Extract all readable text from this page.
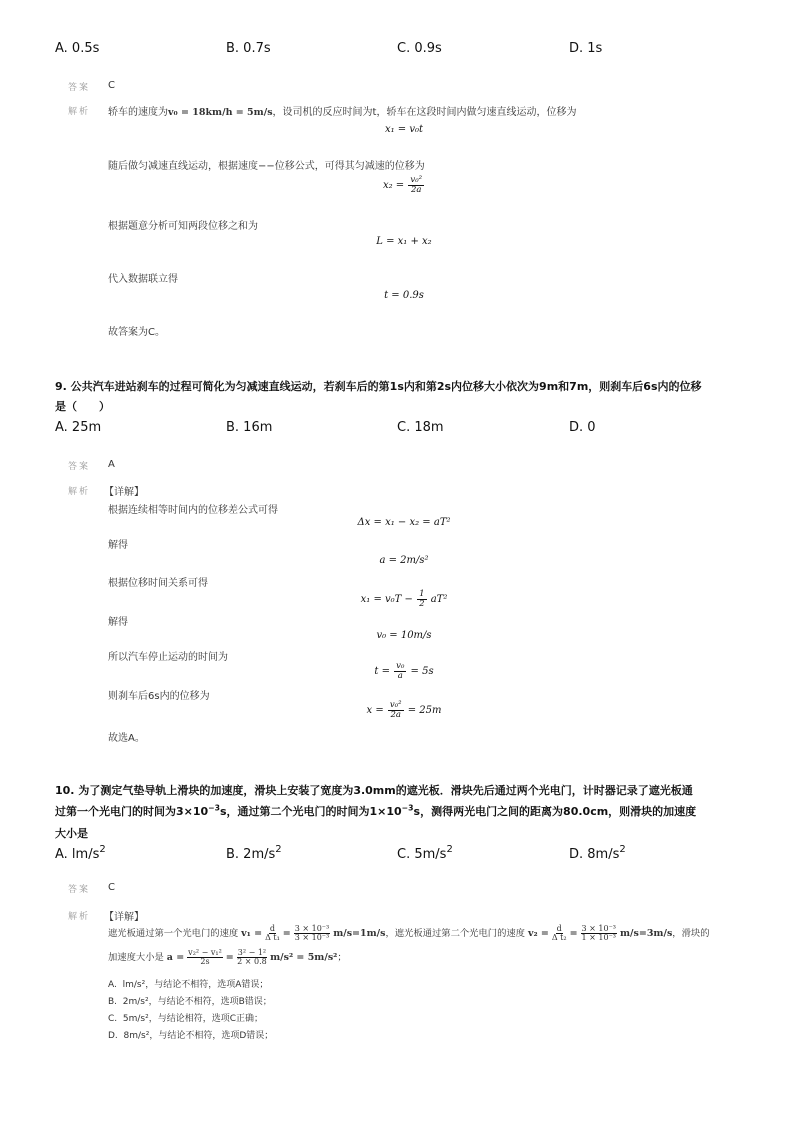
A. 0.5s	B. 0.7s	C. 0.9s	D. 1s
答案 C
解析 轿车的速度为v₀ = 18km/h = 5m/s，设司机的反应时间为t，轿车在这段时间内做匀速直线运动，位移为
x₁ = v₀t
随后做匀减速直线运动，根据速度−−位移公式，可得其匀减速的位移为
$x_2 = \frac{\text{v₀²}}{2a}$
根据题意分析可知两段位移之和为
L = x₁ + x₂
代入数据联立得
t = 0.9s
故答案为C。
9. 公共汽车进站刹车的过程可简化为匀减速直线运动，若刹车后的第1s内和第2s内位移大小依次为9m和7m，则刹车后6s内的位移
是（　　）
A. 25m	B. 16m	C. 18m	D. 0
答案 A
解析 【详解】
根据连续相等时间内的位移差公式可得
Δx = x₁ − x₂ = aT²
解得
a = 2m/s²
根据位移时间关系可得
$x_1 = v_0T - \frac{1}{2} aT^2$
解得
v₀ = 10m/s
所以汽车停止运动的时间为
$t = \frac{\text{v₀}}{a} = 5s$
则刹车后6s内的位移为
$x = \frac{\text{v₀²}}{2a} = 25m$
故选A。
10. 为了测定气垫导轨上滑块的加速度，滑块上安装了宽度为3.0mm的遮光板．滑块先后通过两个光电门，计时器记录了遮光板通
过第一个光电门的时间为$3\times 10^{-3}s$，通过第二个光电门的时间为$1\times 10^{-3}s$，测得两光电门之间的距离为80.0cm，则滑块的加速度
大小是
A. $lm/s^2$	B. $2m/s^2$	C. $5m/s^2$	D. $8m/s^2$
答案 C
解析 【详解】
遮光板通过第一个光电门的速度 $v_1 = \frac{d}{\text{Δ t₁}} = \frac{\text{3 × 10⁻³}}{\text{3 × 10⁻³}} m/s=1m/s$，遮光板通过第二个光电门的速度 $v_2 = \frac{d}{\text{Δ t₂}} = \frac{\text{3 × 10⁻³}}{\text{1 × 10⁻³}} m/s=3m/s$，滑块的
加速度大小是 $a = \frac{\text{v₂² − v₁²}}{2s} = \frac{\text{3² − 1²}}{2 \times 0.8} m/s^2 = 5m/s^2$；
A. lm/s²，与结论不相符，选项A错误；
B. 2m/s²，与结论不相符，选项B错误；
C. 5m/s²，与结论相符，选项C正确；
D. 8m/s²，与结论不相符，选项D错误；
